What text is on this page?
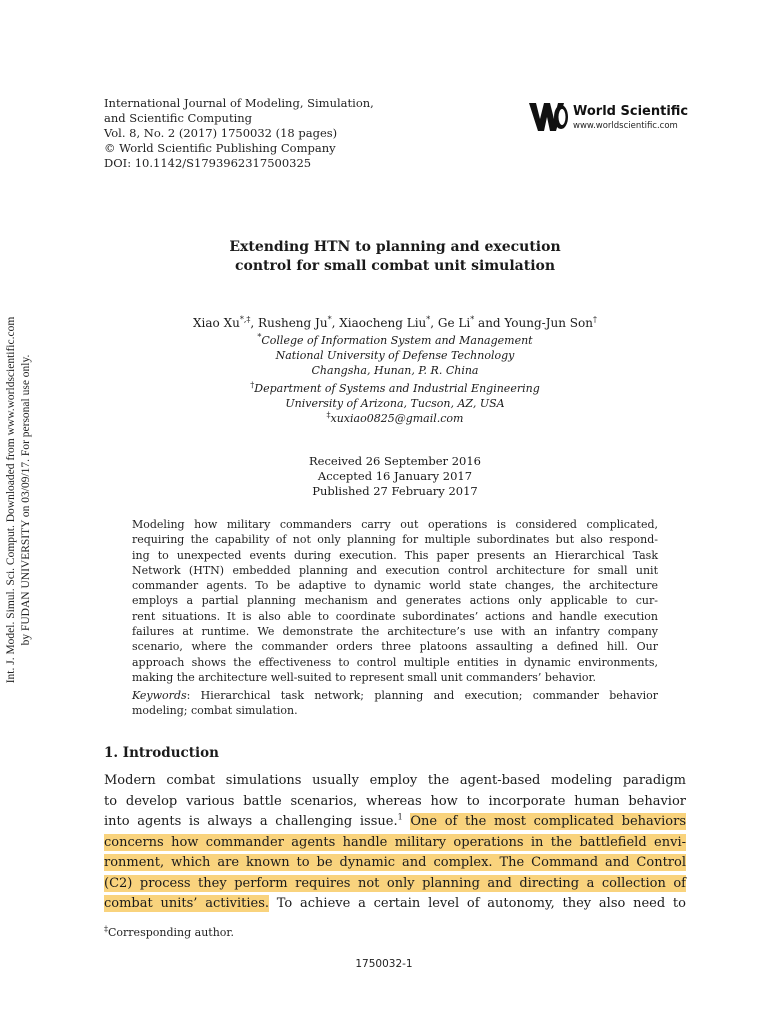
International Journal of Modeling, Simulation,
and Scientific Computing
Vol. 8, No. 2 (2017) 1750032 (18 pages)
© World Scientific Publishing Company
DOI: 10.1142/S1793962317500325
World Scientific
www.worldscientific.com
Int. J. Model. Simul. Sci. Comput. Downloaded from www.worldscientific.com by FUDAN UNIVERSITY on 03/09/17. For personal use only.
Extending HTN to planning and execution
control for small combat unit simulation
Xiao Xu*,‡, Rusheng Ju*, Xiaocheng Liu*, Ge Li* and Young-Jun Son†
*College of Information System and Management
National University of Defense Technology
Changsha, Hunan, P. R. China
†Department of Systems and Industrial Engineering
University of Arizona, Tucson, AZ, USA
‡xuxiao0825@gmail.com
Received 26 September 2016
Accepted 16 January 2017
Published 27 February 2017
Modeling how military commanders carry out operations is considered complicated,
requiring the capability of not only planning for multiple subordinates but also respond-
ing to unexpected events during execution. This paper presents an Hierarchical Task
Network (HTN) embedded planning and execution control architecture for small unit
commander agents. To be adaptive to dynamic world state changes, the architecture
employs a partial planning mechanism and generates actions only applicable to cur-
rent situations. It is also able to coordinate subordinates’ actions and handle execution
failures at runtime. We demonstrate the architecture’s use with an infantry company
scenario, where the commander orders three platoons assaulting a defined hill. Our
approach shows the effectiveness to control multiple entities in dynamic environments,
making the architecture well-suited to represent small unit commanders’ behavior.
Keywords: Hierarchical task network; planning and execution; commander behavior
modeling; combat simulation.
1. Introduction
Modern combat simulations usually employ the agent-based modeling paradigm
to develop various battle scenarios, whereas how to incorporate human behavior
into agents is always a challenging issue.$^1$ One of the most complicated behaviors
concerns how commander agents handle military operations in the battlefield envi-
ronment, which are known to be dynamic and complex. The Command and Control
(C2) process they perform requires not only planning and directing a collection of
combat units’ activities. To achieve a certain level of autonomy, they also need to
‡Corresponding author.
1750032-1
